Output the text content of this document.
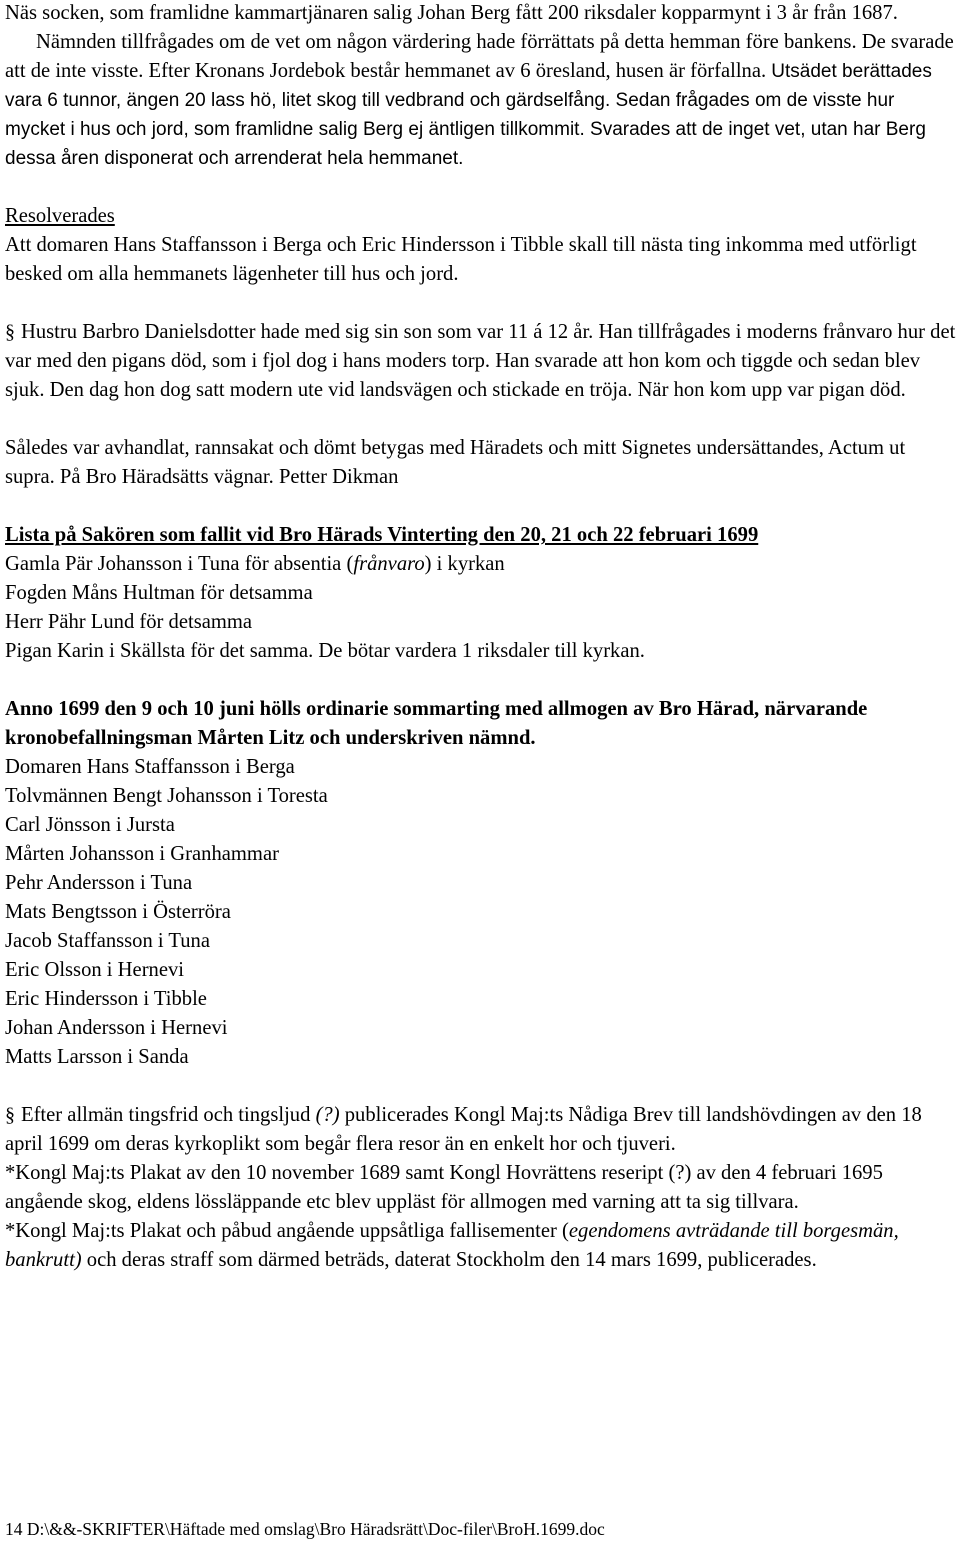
Näs socken, som framlidne kammartjänaren salig Johan Berg fått 200 riksdaler kopparmynt i 3 år från 1687.

Nämnden tillfrågades om de vet om någon värdering hade förrättats på detta hemman före bankens. De svarade att de inte visste. Efter Kronans Jordebok består hemmanet av 6 öresland, husen är förfallna. Utsädet berättades vara 6 tunnor, ängen 20 lass hö, litet skog till vedbrand och gärdselfång. Sedan frågades om de visste hur mycket i hus och jord, som framlidne salig Berg ej äntligen tillkommit. Svarades att de inget vet, utan har Berg dessa åren disponerat och arrenderat hela hemmanet.

Resolverades

Att domaren Hans Staffansson i Berga och Eric Hindersson i Tibble skall till nästa ting inkomma med utförligt besked om alla hemmanets lägenheter till hus och jord.

§ Hustru Barbro Danielsdotter hade med sig sin son som var 11 á 12 år. Han tillfrågades i moderns frånvaro hur det var med den pigans död, som i fjol dog i hans moders torp. Han svarade att hon kom och tiggde och sedan blev sjuk. Den dag hon dog satt modern ute vid landsvägen och stickade en tröja. När hon kom upp var pigan död.

Således var avhandlat, rannsakat och dömt betygas med Häradets och mitt Signetes undersättandes, Actum ut supra. På Bro Häradsätts vägnar. Petter Dikman

Lista på Sakören som fallit vid Bro Härads Vinterting den 20, 21 och 22 februari 1699

Gamla Pär Johansson i Tuna för absentia (frånvaro) i kyrkan

Fogden Måns Hultman för detsamma

Herr Pähr Lund för detsamma

Pigan Karin i Skällsta för det samma. De bötar vardera 1 riksdaler till kyrkan.

Anno 1699 den 9 och 10 juni hölls ordinarie sommarting med allmogen av Bro Härad, närvarande kronobefallningsman Mårten Litz och underskriven nämnd.

Domaren Hans Staffansson i Berga

Tolvmännen Bengt Johansson i Toresta

Carl Jönsson i Jursta

Mårten Johansson i Granhammar

Pehr Andersson i Tuna

Mats Bengtsson i Österröra

Jacob Staffansson i Tuna

Eric Olsson i Hernevi

Eric Hindersson i Tibble

Johan Andersson i Hernevi

Matts Larsson i Sanda

§ Efter allmän tingsfrid och tingsljud (?) publicerades Kongl Maj:ts Nådiga Brev till landshövdingen av den 18 april 1699 om deras kyrkoplikt som begår flera resor än en enkelt hor och tjuveri.

*Kongl Maj:ts Plakat av den 10 november 1689 samt Kongl Hovrättens reseript (?) av den 4 februari 1695 angående skog, eldens lössläppande etc blev uppläst för allmogen med varning att ta sig tillvara.

*Kongl Maj:ts Plakat och påbud angående uppsåtliga fallisementer (egendomens avträdande till borgesmän, bankrutt) och deras straff som därmed beträds, daterat Stockholm den 14 mars 1699, publicerades.

14 D:\&&-SKRIFTER\Häftade med omslag\Bro Häradsrätt\Doc-filer\BroH.1699.doc
